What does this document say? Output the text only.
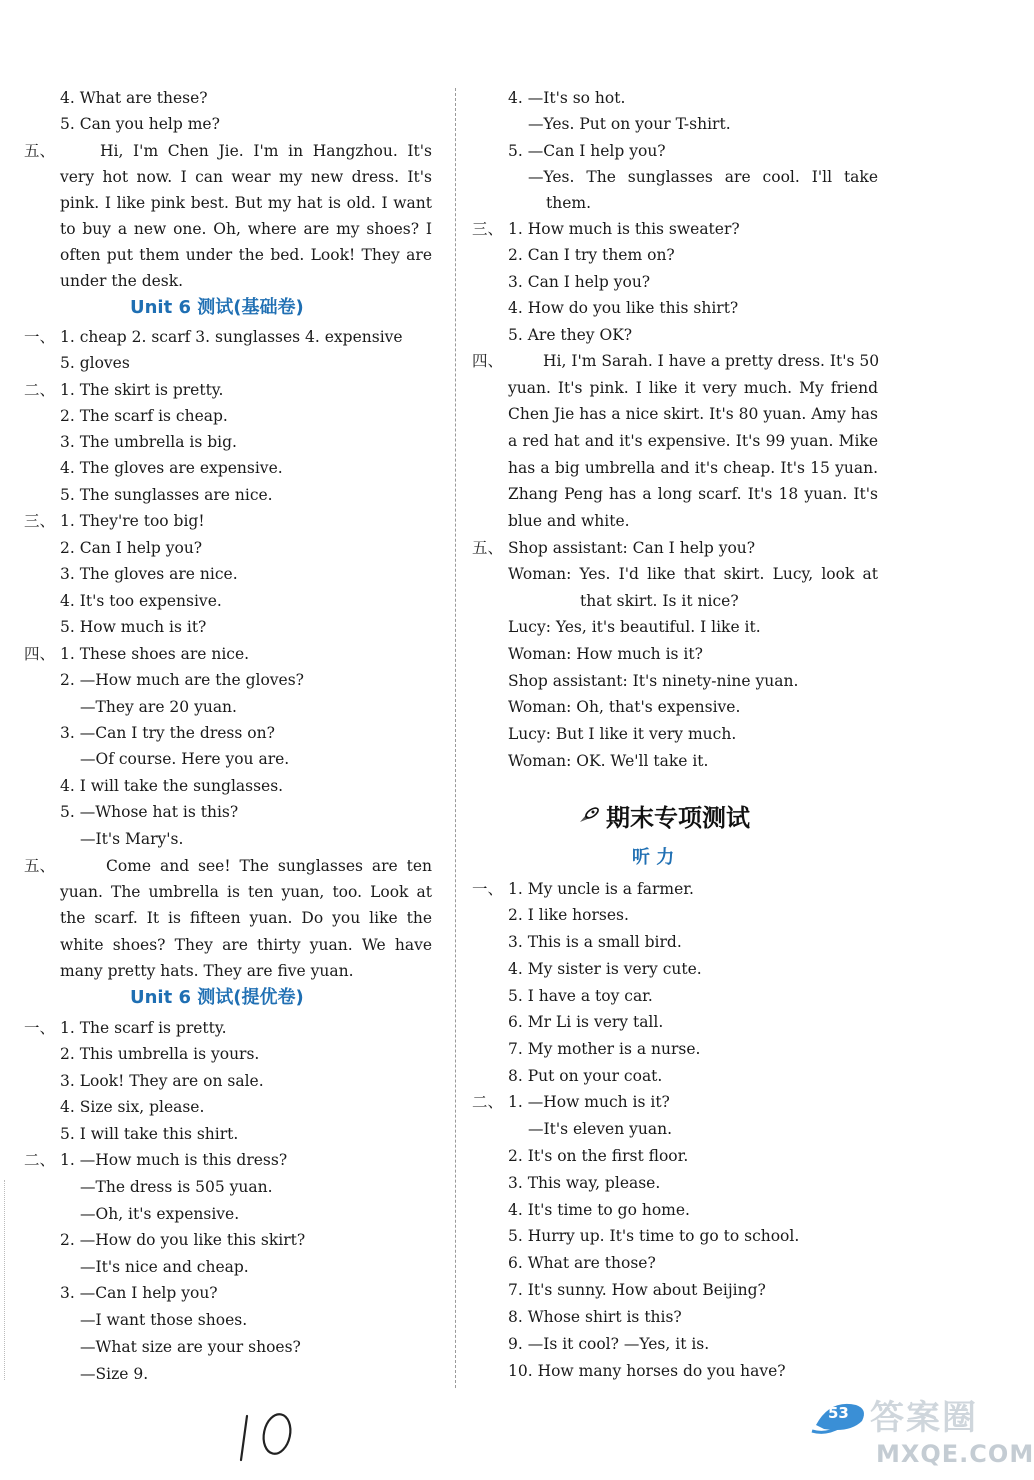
4. What are these?
5. Can you help me?
五、	Hi, I'm Chen Jie. I'm in Hangzhou. It's
very hot now. I can wear my new dress. It's
pink. I like pink best. But my hat is old. I want
to buy a new one. Oh, where are my shoes? I
often put them under the bed. Look! They are
under the desk.
Unit 6 测试(基础卷)
一、 1. cheap 2. scarf 3. sunglasses 4. expensive
5. gloves
二、 1. The skirt is pretty.
2. The scarf is cheap.
3. The umbrella is big.
4. The gloves are expensive.
5. The sunglasses are nice.
三、 1. They're too big!
2. Can I help you?
3. The gloves are nice.
4. It's too expensive.
5. How much is it?
四、 1. These shoes are nice.
2. —How much are the gloves?
—They are 20 yuan.
3. —Can I try the dress on?
—Of course. Here you are.
4. I will take the sunglasses.
5. —Whose hat is this?
—It's Mary's.
五、	Come and see! The sunglasses are ten
yuan. The umbrella is ten yuan, too. Look at
the scarf. It is fifteen yuan. Do you like the
white shoes? They are thirty yuan. We have
many pretty hats. They are five yuan.
Unit 6 测试(提优卷)
一、 1. The scarf is pretty.
2. This umbrella is yours.
3. Look! They are on sale.
4. Size six, please.
5. I will take this shirt.
二、 1. —How much is this dress?
—The dress is 505 yuan.
—Oh, it's expensive.
2. —How do you like this skirt?
—It's nice and cheap.
3. —Can I help you?
—I want those shoes.
—What size are your shoes?
—Size 9.
4. —It's so hot.
—Yes. Put on your T-shirt.
5. —Can I help you?
—Yes. The sunglasses are cool. I'll take
them.
三、 1. How much is this sweater?
2. Can I try them on?
3. Can I help you?
4. How do you like this shirt?
5. Are they OK?
四、	Hi, I'm Sarah. I have a pretty dress. It's 50
yuan. It's pink. I like it very much. My friend
Chen Jie has a nice skirt. It's 80 yuan. Amy has
a red hat and it's expensive. It's 99 yuan. Mike
has a big umbrella and it's cheap. It's 15 yuan.
Zhang Peng has a long scarf. It's 18 yuan. It's
blue and white.
五、 Shop assistant: Can I help you?
Woman: Yes. I'd like that skirt. Lucy, look at
that skirt. Is it nice?
Lucy: Yes, it's beautiful. I like it.
Woman: How much is it?
Shop assistant: It's ninety-nine yuan.
Woman: Oh, that's expensive.
Lucy: But I like it very much.
Woman: OK. We'll take it.
期末专项测试
听 力
一、 1. My uncle is a farmer.
2. I like horses.
3. This is a small bird.
4. My sister is very cute.
5. I have a toy car.
6. Mr Li is very tall.
7. My mother is a nurse.
8. Put on your coat.
二、 1. —How much is it?
—It's eleven yuan.
2. It's on the first floor.
3. This way, please.
4. It's time to go home.
5. Hurry up. It's time to go to school.
6. What are those?
7. It's sunny. How about Beijing?
8. Whose shirt is this?
9. —Is it cool? —Yes, it is.
10. How many horses do you have?
53 答案圈
MXQE.COM
